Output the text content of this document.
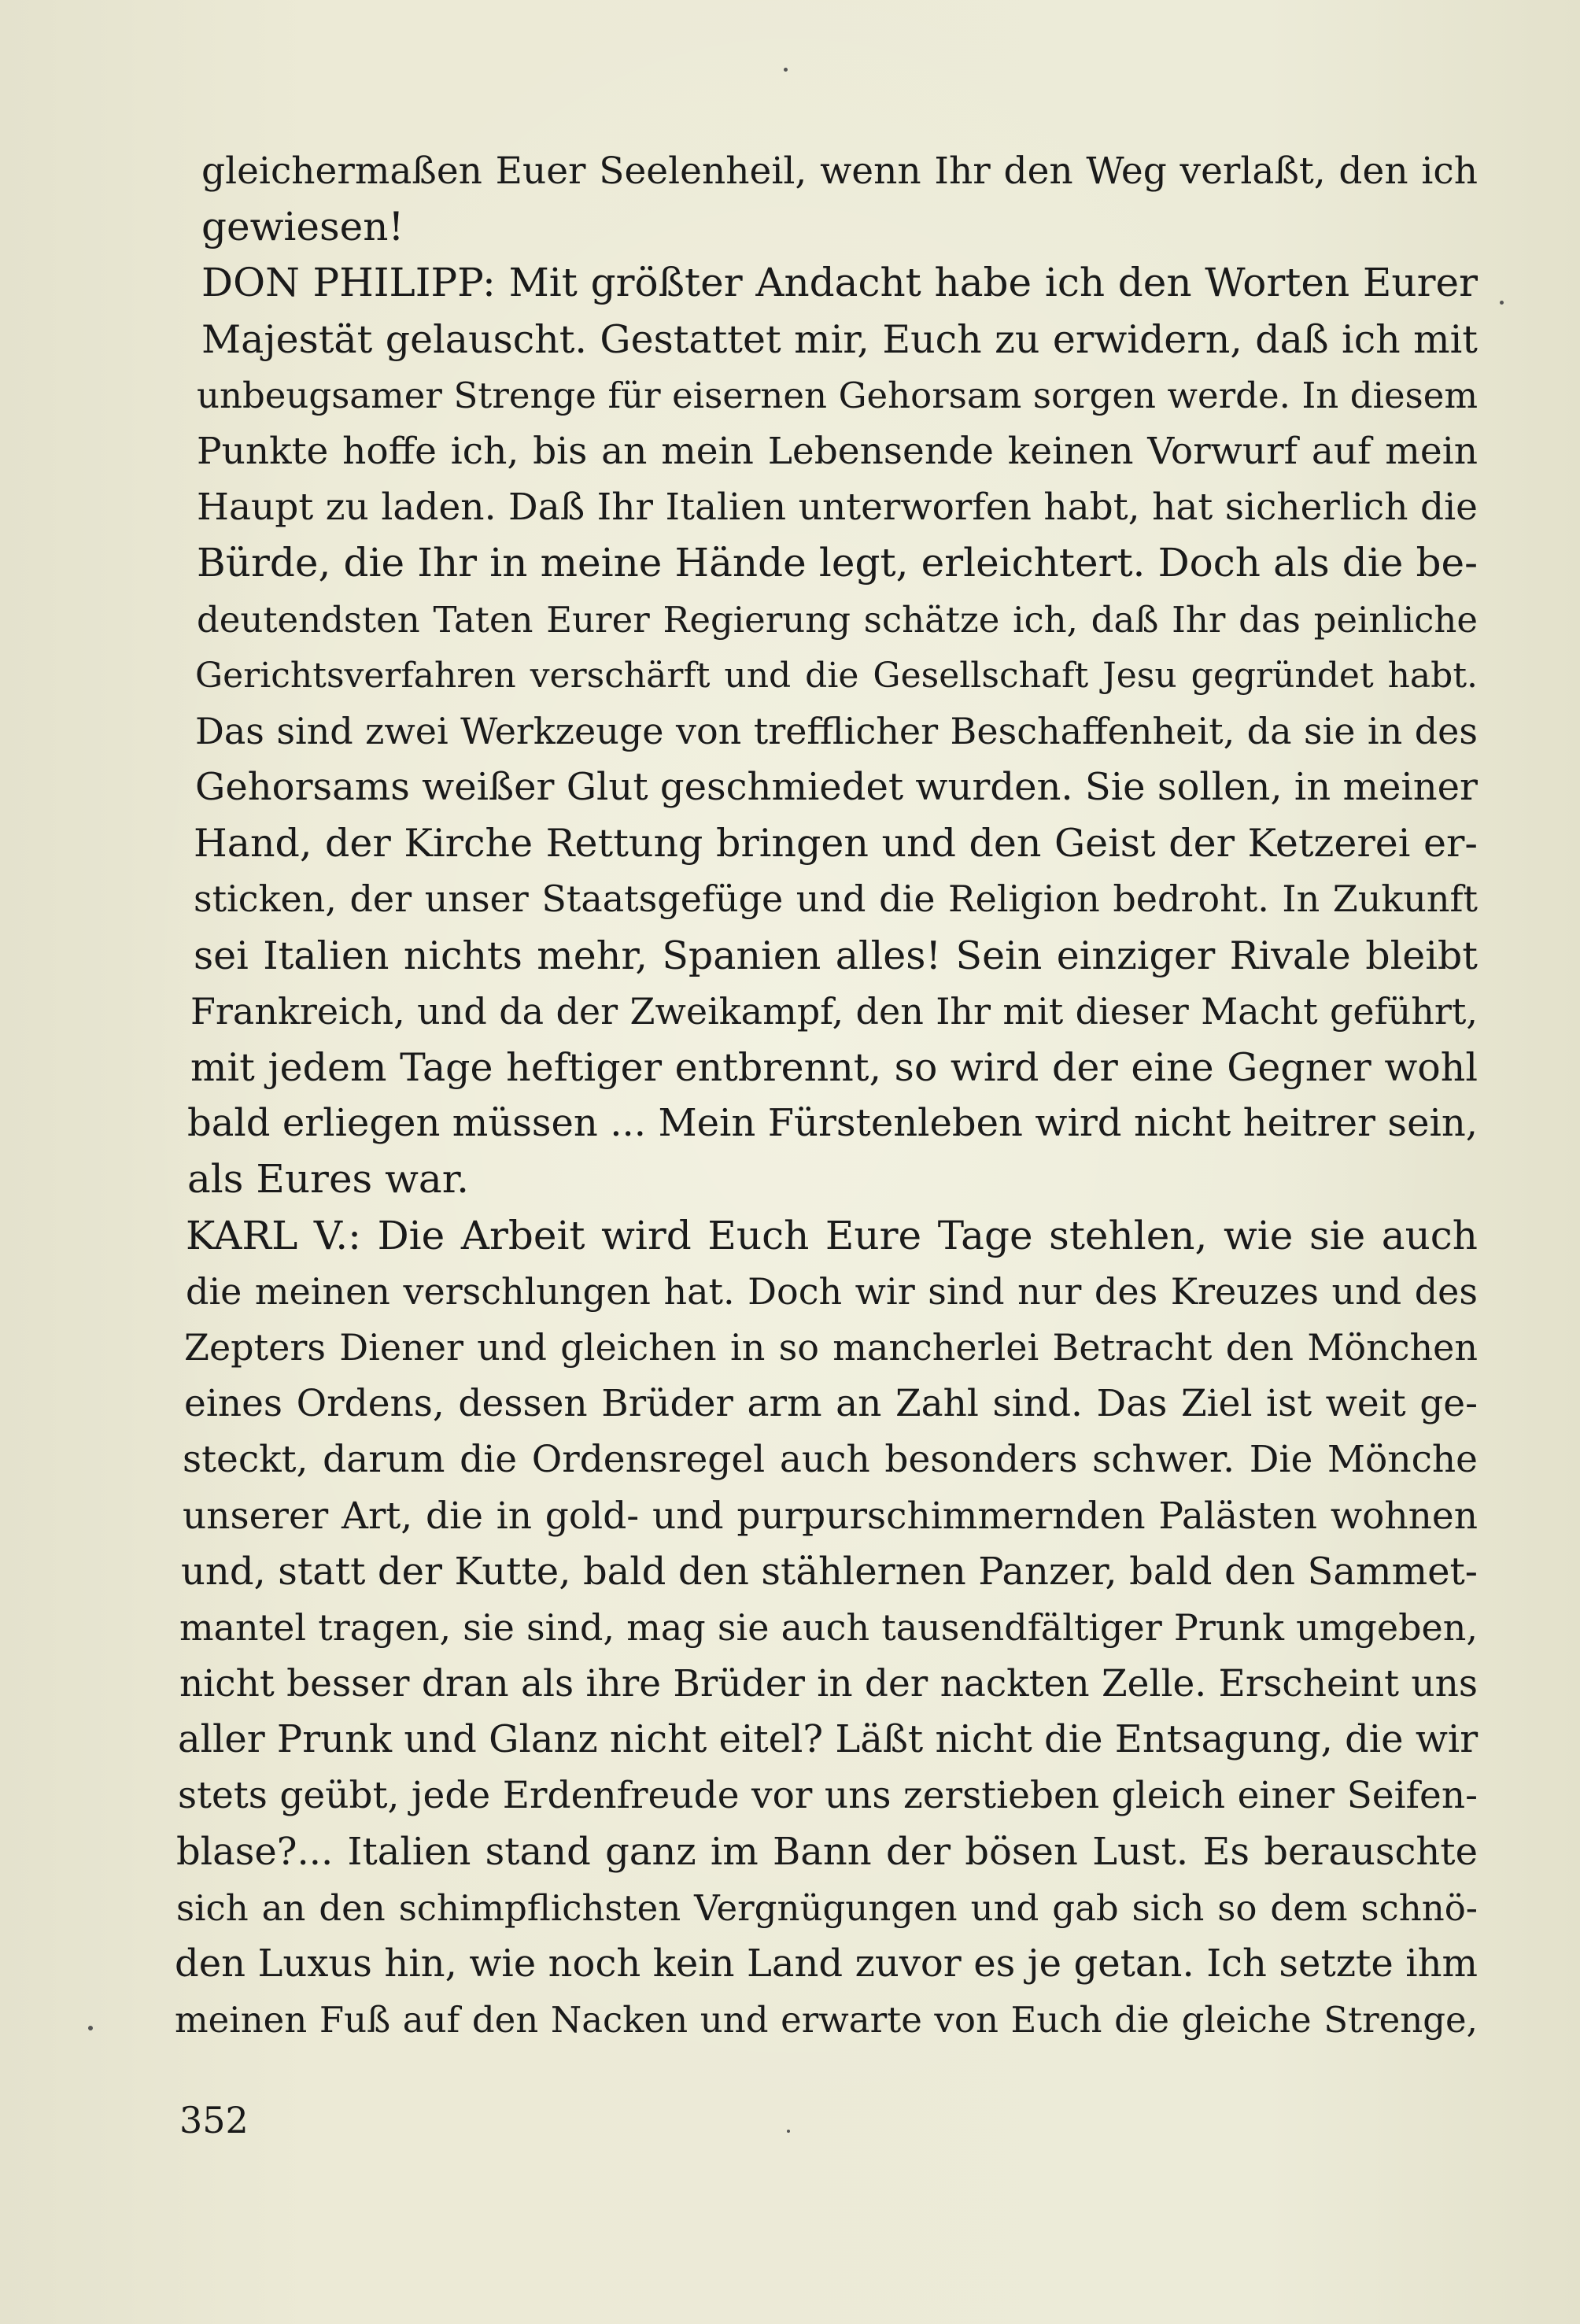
gleichermaßen Euer Seelenheil, wenn Ihr den Weg verlaßt, den ich
gewiesen!
DON PHILIPP: Mit größter Andacht habe ich den Worten Eurer
Majestät gelauscht. Gestattet mir, Euch zu erwidern, daß ich mit
unbeugsamer Strenge für eisernen Gehorsam sorgen werde. In diesem
Punkte hoffe ich, bis an mein Lebensende keinen Vorwurf auf mein
Haupt zu laden. Daß Ihr Italien unterworfen habt, hat sicherlich die
Bürde, die Ihr in meine Hände legt, erleichtert. Doch als die be-
deutendsten Taten Eurer Regierung schätze ich, daß Ihr das peinliche
Gerichtsverfahren verschärft und die Gesellschaft Jesu gegründet habt.
Das sind zwei Werkzeuge von trefflicher Beschaffenheit, da sie in des
Gehorsams weißer Glut geschmiedet wurden. Sie sollen, in meiner
Hand, der Kirche Rettung bringen und den Geist der Ketzerei er-
sticken, der unser Staatsgefüge und die Religion bedroht. In Zukunft
sei Italien nichts mehr, Spanien alles! Sein einziger Rivale bleibt
Frankreich, und da der Zweikampf, den Ihr mit dieser Macht geführt,
mit jedem Tage heftiger entbrennt, so wird der eine Gegner wohl
bald erliegen müssen ... Mein Fürstenleben wird nicht heitrer sein,
als Eures war.
KARL V.: Die Arbeit wird Euch Eure Tage stehlen, wie sie auch
die meinen verschlungen hat. Doch wir sind nur des Kreuzes und des
Zepters Diener und gleichen in so mancherlei Betracht den Mönchen
eines Ordens, dessen Brüder arm an Zahl sind. Das Ziel ist weit ge-
steckt, darum die Ordensregel auch besonders schwer. Die Mönche
unserer Art, die in gold- und purpurschimmernden Palästen wohnen
und, statt der Kutte, bald den stählernen Panzer, bald den Sammet-
mantel tragen, sie sind, mag sie auch tausendfältiger Prunk umgeben,
nicht besser dran als ihre Brüder in der nackten Zelle. Erscheint uns
aller Prunk und Glanz nicht eitel? Läßt nicht die Entsagung, die wir
stets geübt, jede Erdenfreude vor uns zerstieben gleich einer Seifen-
blase?... Italien stand ganz im Bann der bösen Lust. Es berauschte
sich an den schimpflichsten Vergnügungen und gab sich so dem schnö-
den Luxus hin, wie noch kein Land zuvor es je getan. Ich setzte ihm
meinen Fuß auf den Nacken und erwarte von Euch die gleiche Strenge,
352
